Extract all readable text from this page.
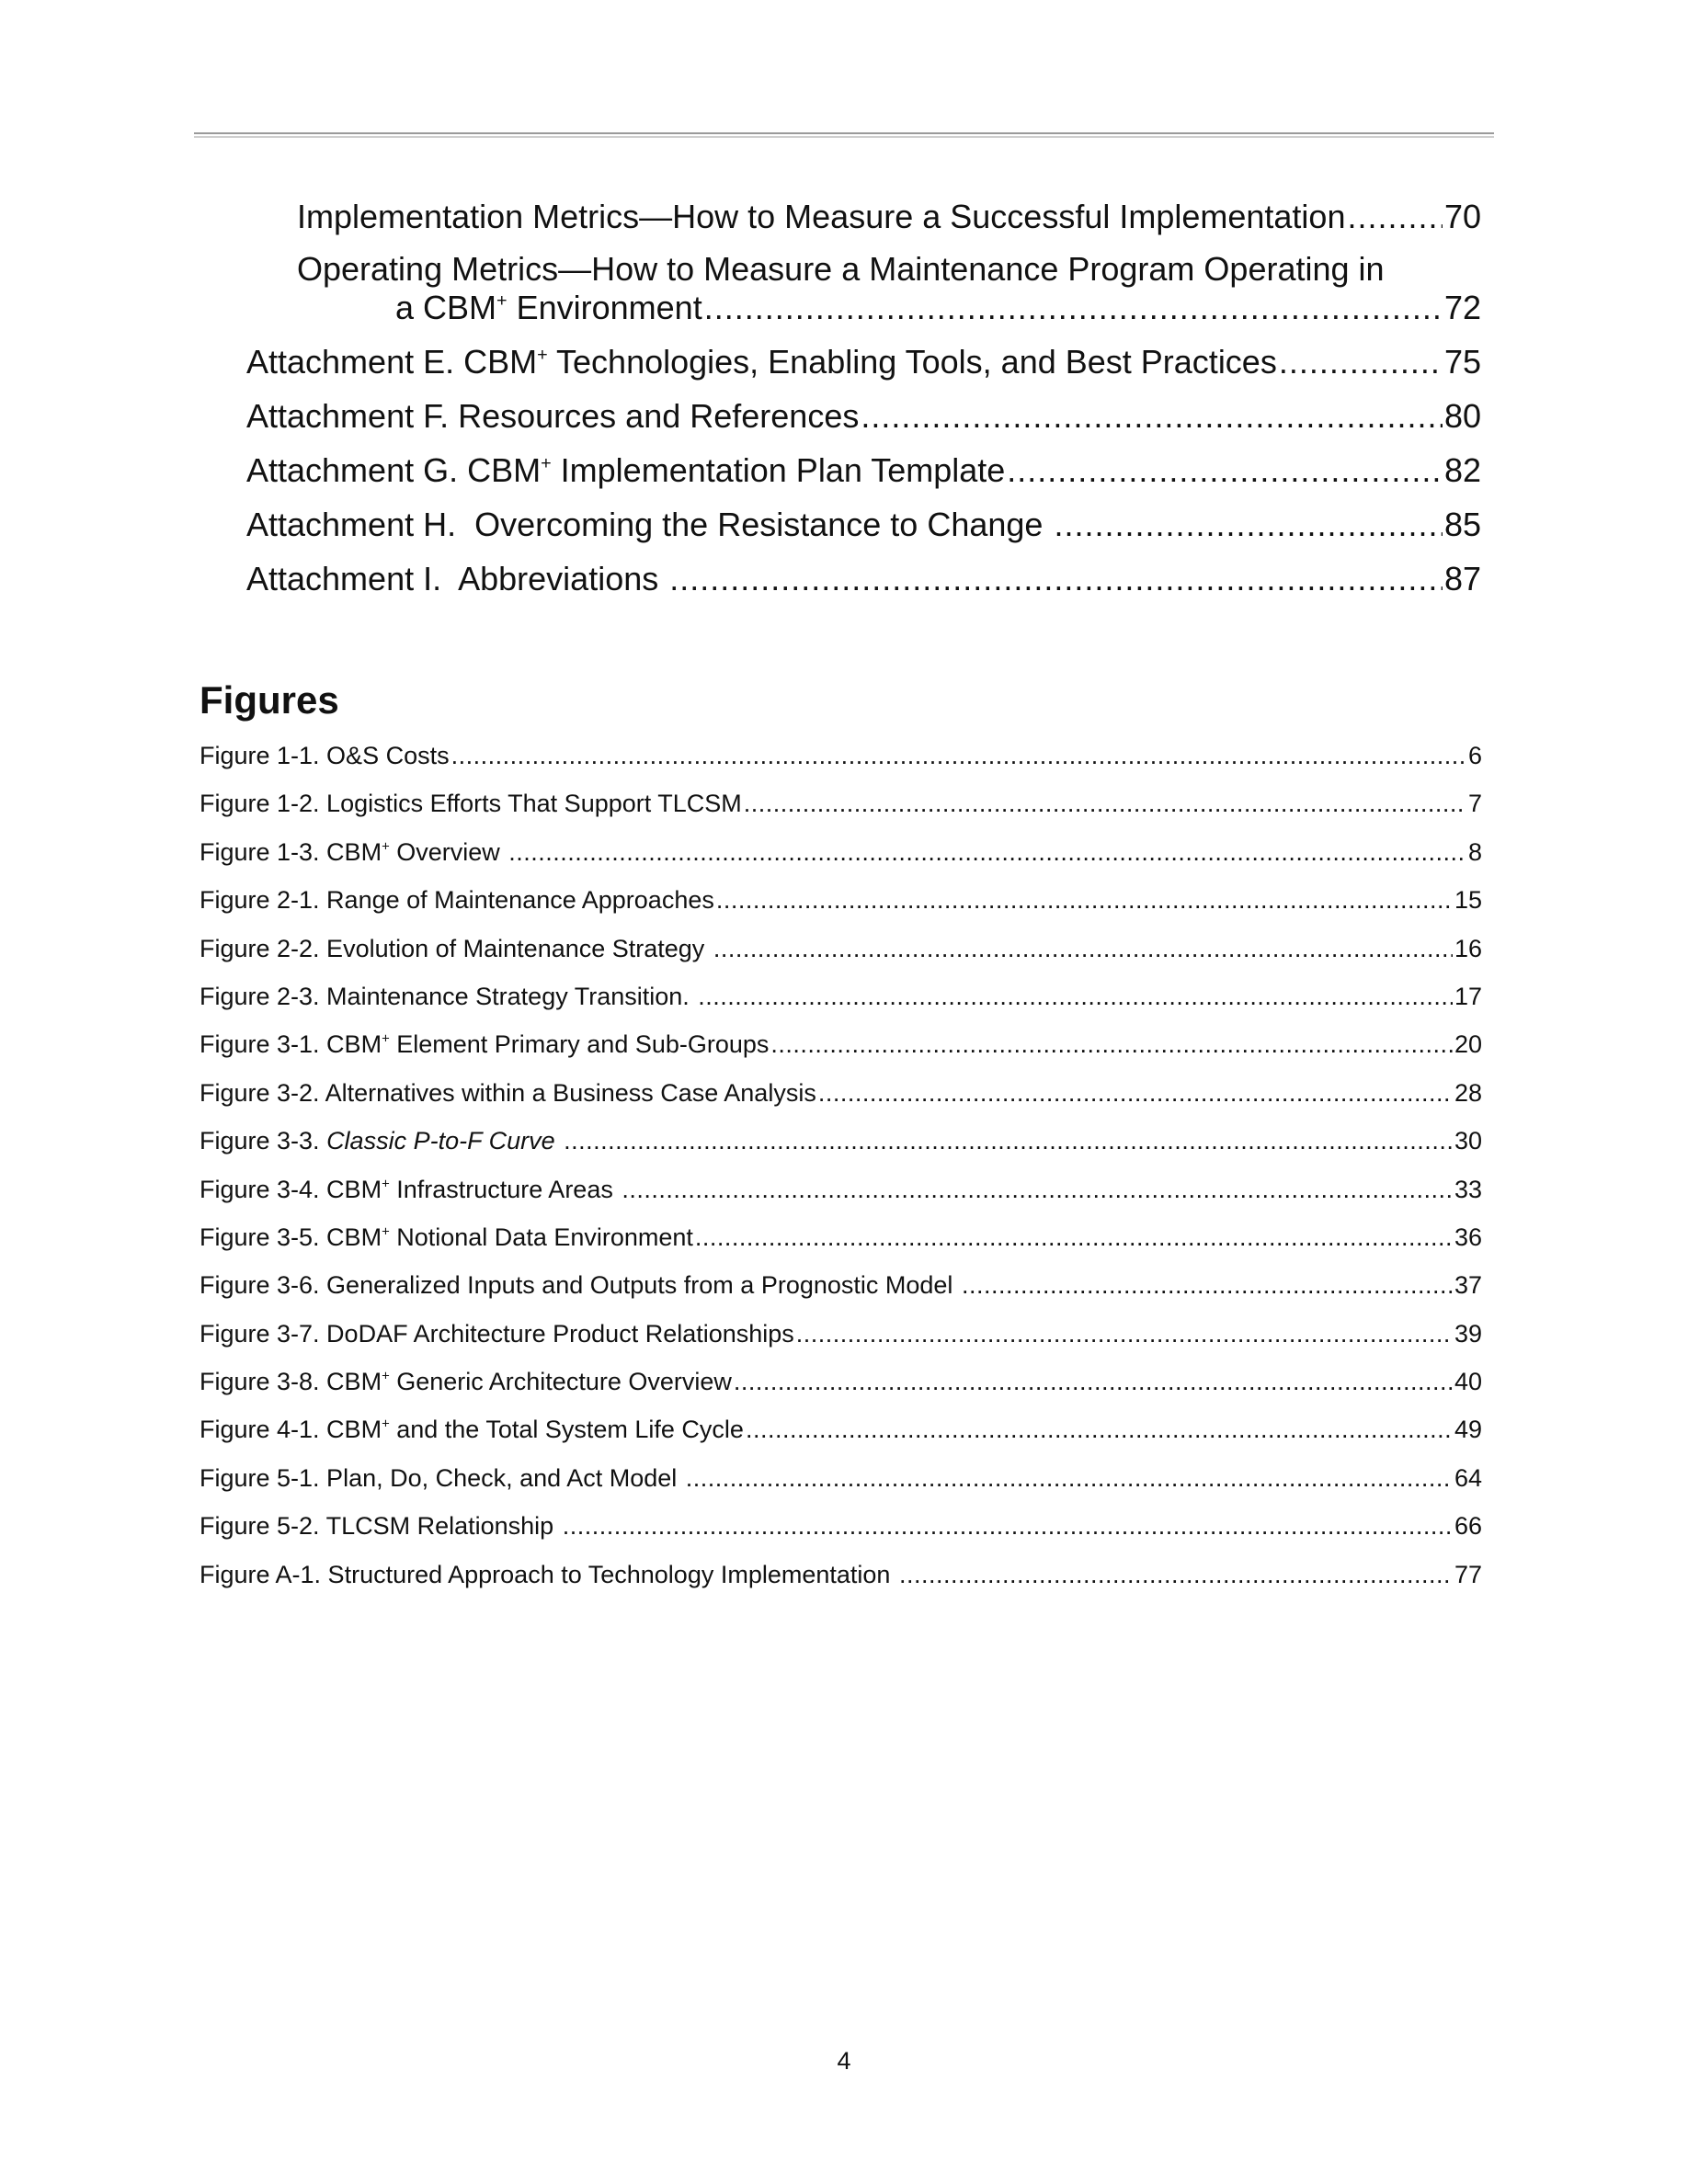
Implementation Metrics—How to Measure a Successful Implementation .....	70
Operating Metrics—How to Measure a Maintenance Program Operating in
a CBM+ Environment .....	72
Attachment E. CBM+ Technologies, Enabling Tools, and Best Practices .....	75
Attachment F. Resources and References .....	80
Attachment G. CBM+ Implementation Plan Template .....	82
Attachment H.  Overcoming the Resistance to Change .....	85
Attachment I.  Abbreviations .....	87
Figures
Figure 1-1. O&S Costs .....	6
Figure 1-2. Logistics Efforts That Support TLCSM .....	7
Figure 1-3. CBM+ Overview .....	8
Figure 2-1. Range of Maintenance Approaches .....	15
Figure 2-2. Evolution of Maintenance Strategy .....	16
Figure 2-3. Maintenance Strategy Transition. .....	17
Figure 3-1. CBM+ Element Primary and Sub-Groups .....	20
Figure 3-2. Alternatives within a Business Case Analysis .....	28
Figure 3-3. Classic P-to-F Curve .....	30
Figure 3-4. CBM+ Infrastructure Areas .....	33
Figure 3-5. CBM+ Notional Data Environment .....	36
Figure 3-6. Generalized Inputs and Outputs from a Prognostic Model .....	37
Figure 3-7. DoDAF Architecture Product Relationships .....	39
Figure 3-8. CBM+ Generic Architecture Overview .....	40
Figure 4-1. CBM+ and the Total System Life Cycle .....	49
Figure 5-1. Plan, Do, Check, and Act Model .....	64
Figure 5-2. TLCSM Relationship .....	66
Figure A-1. Structured Approach to Technology Implementation .....	77
4
